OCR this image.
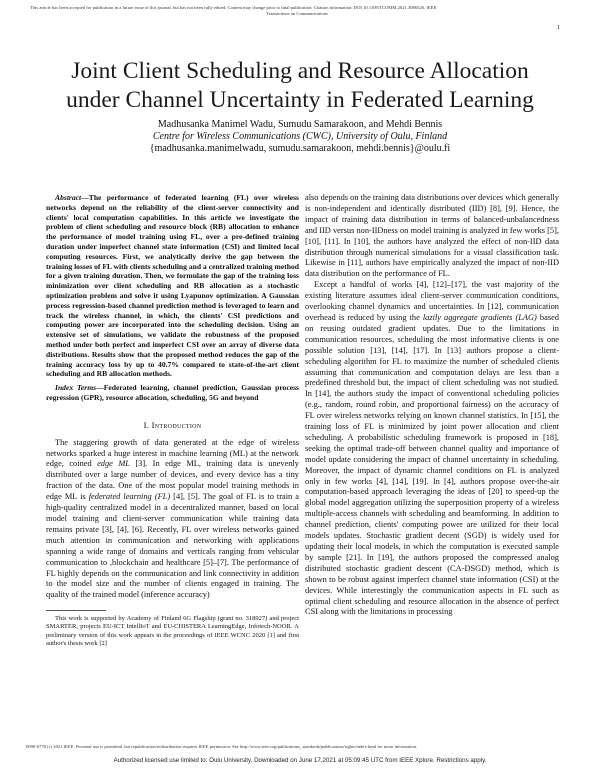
This article has been accepted for publication in a future issue of this journal, but has not been fully edited. Content may change prior to final publication. Citation information: DOI 10.1109/TCOMM.2021.3086526, IEEE
Transactions on Communications
1
Joint Client Scheduling and Resource Allocation
under Channel Uncertainty in Federated Learning
Madhusanka Manimel Wadu, Sumudu Samarakoon, and Mehdi Bennis
Centre for Wireless Communications (CWC), University of Oulu, Finland
{madhusanka.manimelwadu, sumudu.samarakoon, mehdi.bennis}@oulu.fi

Abstract—The performance of federated learning (FL) over wireless networks depend on the reliability of the client-server connectivity and clients' local computation capabilities. In this article we investigate the problem of client scheduling and resource block (RB) allocation to enhance the performance of model training using FL, over a pre-defined training duration under imperfect channel state information (CSI) and limited local computing resources. First, we analytically derive the gap between the training losses of FL with clients scheduling and a centralized training method for a given training duration. Then, we formulate the gap of the training loss minimization over client scheduling and RB allocation as a stochastic optimization problem and solve it using Lyapunov optimization. A Gaussian process regression-based channel prediction method is leveraged to learn and track the wireless channel, in which, the clients' CSI predictions and computing power are incorporated into the scheduling decision. Using an extensive set of simulations, we validate the robustness of the proposed method under both perfect and imperfect CSI over an array of diverse data distributions. Results show that the proposed method reduces the gap of the training accuracy loss by up to 40.7% compared to state-of-the-art client scheduling and RB allocation methods.

Index Terms—Federated learning, channel prediction, Gaussian process regression (GPR), resource allocation, scheduling, 5G and beyond

I. Introduction

The staggering growth of data generated at the edge of wireless networks sparked a huge interest in machine learning (ML) at the network edge, coined edge ML [3]. In edge ML, training data is unevenly distributed over a large number of devices, and every device has a tiny fraction of the data. One of the most popular model training methods in edge ML is federated learning (FL) [4], [5]. The goal of FL is to train a high-quality centralized model in a decentralized manner, based on local model training and client-server communication while training data remains private [3], [4], [6]. Recently, FL over wireless networks gained much attention in communication and networking with applications spanning a wide range of domains and verticals ranging from vehicular communication to ,blockchain and healthcare [5]–[7]. The performance of FL highly depends on the communication and link connectivity in addition to the model size and the number of clients engaged in training. The quality of the trained model (inference accuracy)

This work is supported by Academy of Finland 6G Flagship (grant no. 318927) and project SMARTER, projects EU-ICT IntellIoT and EU-CHISTERA LearningEdge, Infotech-NOOR. A preliminary version of this work appears in the proceedings of IEEE WCNC 2020 [1] and first author's thesis work [2]

also depends on the training data distributions over devices which generally is non-independent and identically distributed (IID) [8], [9]. Hence, the impact of training data distribution in terms of balanced-unbalancedness and IID versus non-IIDness on model training is analyzed in few works [5], [10], [11]. In [10], the authors have analyzed the effect of non-IID data distribution through numerical simulations for a visual classification task. Likewise in [11], authors have empirically analyzed the impact of non-IID data distribution on the performance of FL.

Except a handful of works [4], [12]–[17], the vast majority of the existing literature assumes ideal client-server communication conditions, overlooking channel dynamics and uncertainties. In [12], communication overhead is reduced by using the lazily aggregate gradients (LAG) based on reusing outdated gradient updates. Due to the limitations in communication resources, scheduling the most informative clients is one possible solution [13], [14], [17]. In [13] authors propose a client-scheduling algorithm for FL to maximize the number of scheduled clients assuming that communication and computation delays are less than a predefined threshold but, the impact of client scheduling was not studied. In [14], the authors study the impact of conventional scheduling policies (e.g., random, round robin, and proportional fairness) on the accuracy of FL over wireless networks relying on known channel statistics. In [15], the training loss of FL is minimized by joint power allocation and client scheduling. A probabilistic scheduling framework is proposed in [18], seeking the optimal trade-off between channel quality and importance of model update considering the impact of channel uncertainty in scheduling. Moreover, the impact of dynamic channel conditions on FL is analyzed only in few works [4], [14], [19]. In [4], authors propose over-the-air computation-based approach leveraging the ideas of [20] to speed-up the global model aggregation utilizing the superposition property of a wireless multiple-access channels with scheduling and beamforming. In addition to channel prediction, clients' computing power are utilized for their local models updates. Stochastic gradient decent (SGD) is widely used for updating their local models, in which the computation is executed sample by sample [21]. In [19], the authors proposed the compressed analog distributed stochastic gradient descent (CA-DSGD) method, which is shown to be robust against imperfect channel state information (CSI) at the devices. While interestingly the communication aspects in FL such as optimal client scheduling and resource allocation in the absence of perfect CSI along with the limitations in processing

0090-6778 (c) 2021 IEEE. Personal use is permitted, but republication/redistribution requires IEEE permission. See http://www.ieee.org/publications_standards/publications/rights/index.html for more information.
Authorized licensed use limited to: Oulu University. Downloaded on June 17,2021 at 05:09:45 UTC from IEEE Xplore. Restrictions apply.
